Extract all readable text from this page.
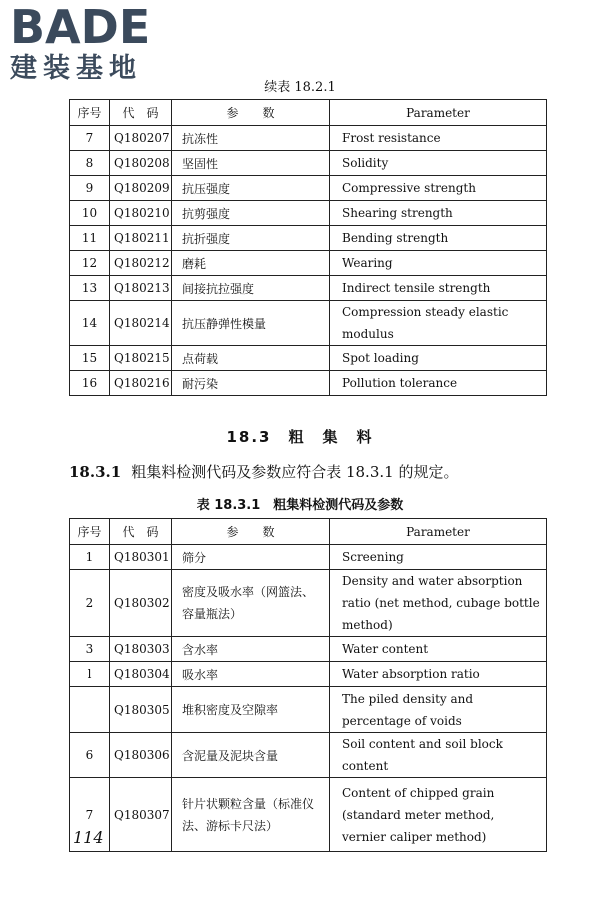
BADE
建装基地
续表 18.2.1
序号	代　码	参　　数	Parameter
7	Q180207	抗冻性	Frost resistance
8	Q180208	坚固性	Solidity
9	Q180209	抗压强度	Compressive strength
10	Q180210	抗剪强度	Shearing strength
11	Q180211	抗折强度	Bending strength
12	Q180212	磨耗	Wearing
13	Q180213	间接抗拉强度	Indirect tensile strength
14	Q180214	抗压静弹性模量	Compression steady elastic modulus
15	Q180215	点荷载	Spot loading
16	Q180216	耐污染	Pollution tolerance
18.3　粗　集　料
18.3.1 粗集料检测代码及参数应符合表 18.3.1 的规定。
表 18.3.1　粗集料检测代码及参数
序号	代　码	参　　数	Parameter
1	Q180301	筛分	Screening
2	Q180302	密度及吸水率（网篮法、容量瓶法）	Density and water absorption ratio (net method, cubage bottle method)
3	Q180303	含水率	Water content
l	Q180304	吸水率	Water absorption ratio
	Q180305	堆积密度及空隙率	The piled density and percentage of voids
6	Q180306	含泥量及泥块含量	Soil content and soil block content
7	Q180307	针片状颗粒含量（标准仪法、游标卡尺法）	Content of chipped grain (standard meter method, vernier caliper method)
114
